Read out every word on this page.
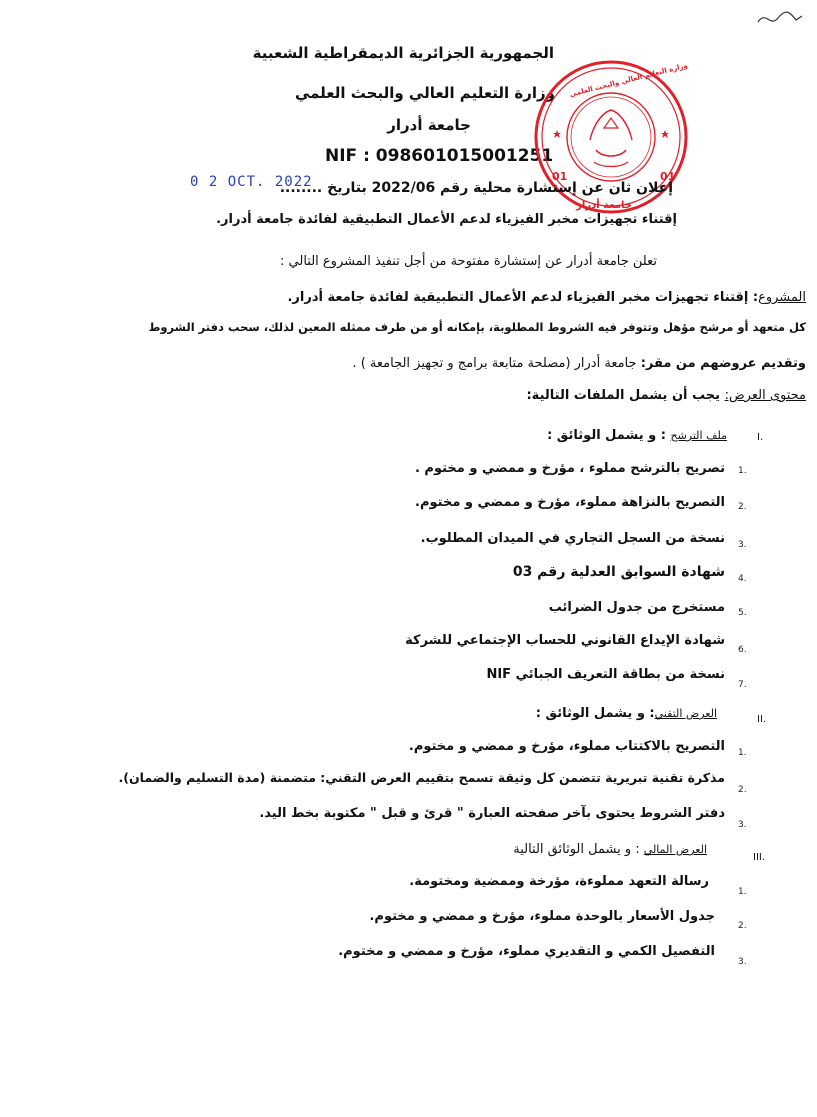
الجمهورية الجزائرية الديمقراطية الشعبية
وزارة التعليم العالي والبحث العلمي
جامعة أدرار
NIF : 098601015001251
وزارة التعليم العالي والبحث العلمي
01	01
جامعة أدرار
0 2 OCT. 2022
إعلان ثان عن إستشارة محلية رقم 2022/06 بتاريخ ........
إقتناء تجهيزات مخبر الفيزياء لدعم الأعمال التطبيقية لفائدة جامعة أدرار.
تعلن جامعة أدرار عن إستشارة مفتوحة من أجل تنفيذ المشروع التالي :
المشروع: إقتناء تجهيزات مخبر الفيزياء لدعم الأعمال التطبيقية لفائدة جامعة أدرار.
كل متعهد أو مرشح مؤهل وتتوفر فيه الشروط المطلوبة، بإمكانه أو من طرف ممثله المعين لذلك، سحب دفتر الشروط
وتقديم عروضهم من مقر: جامعة أدرار (مصلحة متابعة برامج و تجهيز الجامعة ) .
محتوى العرض: يجب أن يشمل الملفات التالية:
I.
ملف الترشح : و يشمل الوثائق :
1.
تصريح بالترشح مملوء ، مؤرخ و ممضي و مختوم .
2.
التصريح بالنزاهة مملوء، مؤرخ و ممضي و مختوم.
3.
نسخة من السجل التجاري في الميدان المطلوب.
4.
شهادة السوابق العدلية رقم 03
5.
مستخرج من جدول الضرائب
6.
شهادة الإيداع القانوني للحساب الإجتماعي للشركة
7.
نسخة من بطاقة التعريف الجبائي NIF
II.
العرض التقني: و يشمل الوثائق :
1.
التصريح بالاكتتاب مملوء، مؤرخ و ممضي و مختوم.
2.
مذكرة تقنية تبريرية تتضمن كل وثيقة تسمح بتقييم العرض التقني: متضمنة (مدة التسليم والضمان).
3.
دفتر الشروط يحتوى بآخر صفحته العبارة " قرئ و قبل " مكتوبة بخط اليد.
III.
العرض المالي : و يشمل الوثائق التالية
1.
رسالة التعهد مملوءة، مؤرخة وممضية ومختومة.
2.
جدول الأسعار بالوحدة مملوء، مؤرخ و ممضي و مختوم.
3.
التفصيل الكمي و التقديري مملوء، مؤرخ و ممضي و مختوم.
